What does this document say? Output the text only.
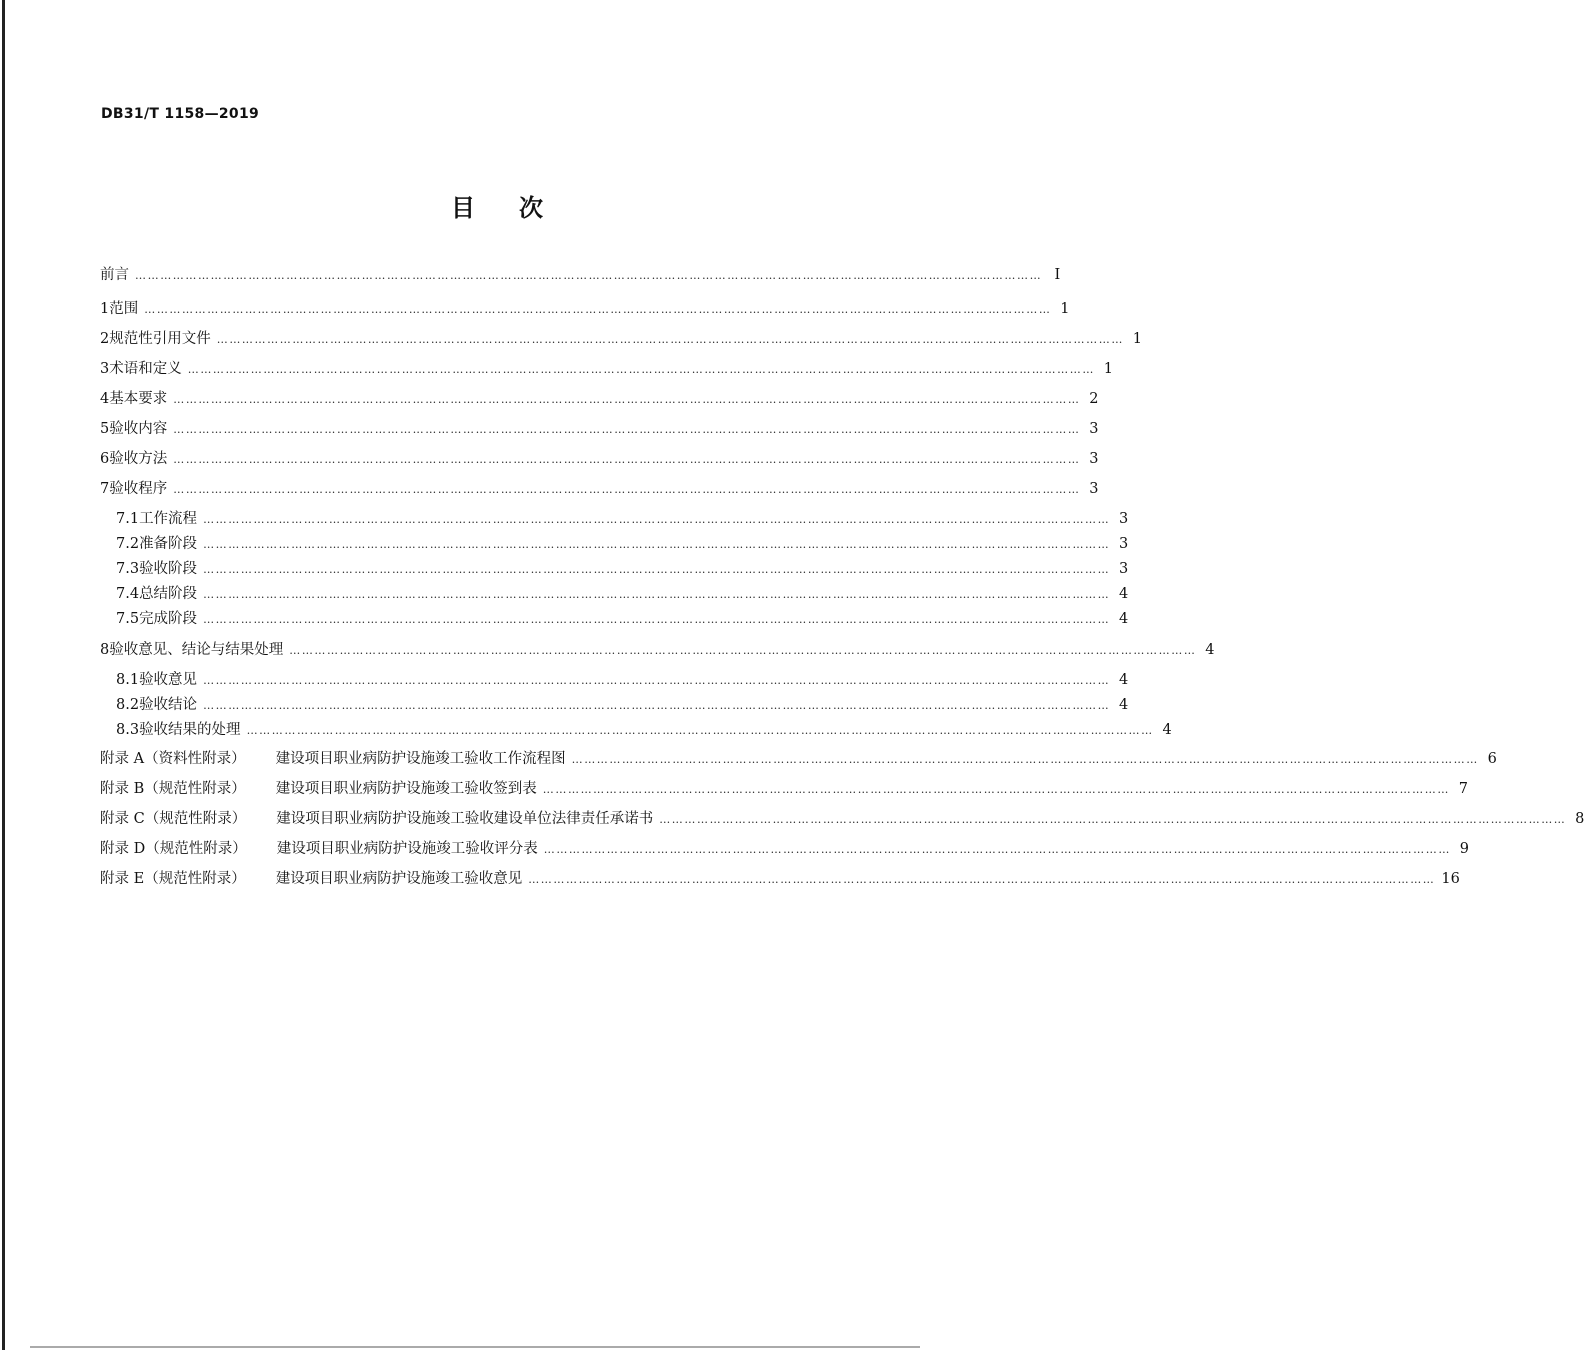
DB31/T 1158—2019
目次
前言 ……………………………………………………………………………………………………………………………………………………………………………………………… I
1 范围 ……………………………………………………………………………………………………………………………………………………………………………………………… 1
2 规范性引用文件 ……………………………………………………………………………………………………………………………………………………………………………………………… 1
3 术语和定义 ……………………………………………………………………………………………………………………………………………………………………………………………… 1
4 基本要求 ……………………………………………………………………………………………………………………………………………………………………………………………… 2
5 验收内容 ……………………………………………………………………………………………………………………………………………………………………………………………… 3
6 验收方法 ……………………………………………………………………………………………………………………………………………………………………………………………… 3
7 验收程序 ……………………………………………………………………………………………………………………………………………………………………………………………… 3
7.1 工作流程 ……………………………………………………………………………………………………………………………………………………………………………………………… 3
7.2 准备阶段 ……………………………………………………………………………………………………………………………………………………………………………………………… 3
7.3 验收阶段 ……………………………………………………………………………………………………………………………………………………………………………………………… 3
7.4 总结阶段 ……………………………………………………………………………………………………………………………………………………………………………………………… 4
7.5 完成阶段 ……………………………………………………………………………………………………………………………………………………………………………………………… 4
8 验收意见、结论与结果处理 ……………………………………………………………………………………………………………………………………………………………………………………………… 4
8.1 验收意见 ……………………………………………………………………………………………………………………………………………………………………………………………… 4
8.2 验收结论 ……………………………………………………………………………………………………………………………………………………………………………………………… 4
8.3 验收结果的处理 ……………………………………………………………………………………………………………………………………………………………………………………………… 4
附录 A（资料性附录） 建设项目职业病防护设施竣工验收工作流程图 ……………………………………………………………………………………………………………………………………………………………………………………………… 6
附录 B（规范性附录） 建设项目职业病防护设施竣工验收签到表 ……………………………………………………………………………………………………………………………………………………………………………………………… 7
附录 C（规范性附录） 建设项目职业病防护设施竣工验收建设单位法律责任承诺书 ……………………………………………………………………………………………………………………………………………………………………………………………… 8
附录 D（规范性附录） 建设项目职业病防护设施竣工验收评分表 ……………………………………………………………………………………………………………………………………………………………………………………………… 9
附录 E（规范性附录） 建设项目职业病防护设施竣工验收意见 ……………………………………………………………………………………………………………………………………………………………………………………………… 16
